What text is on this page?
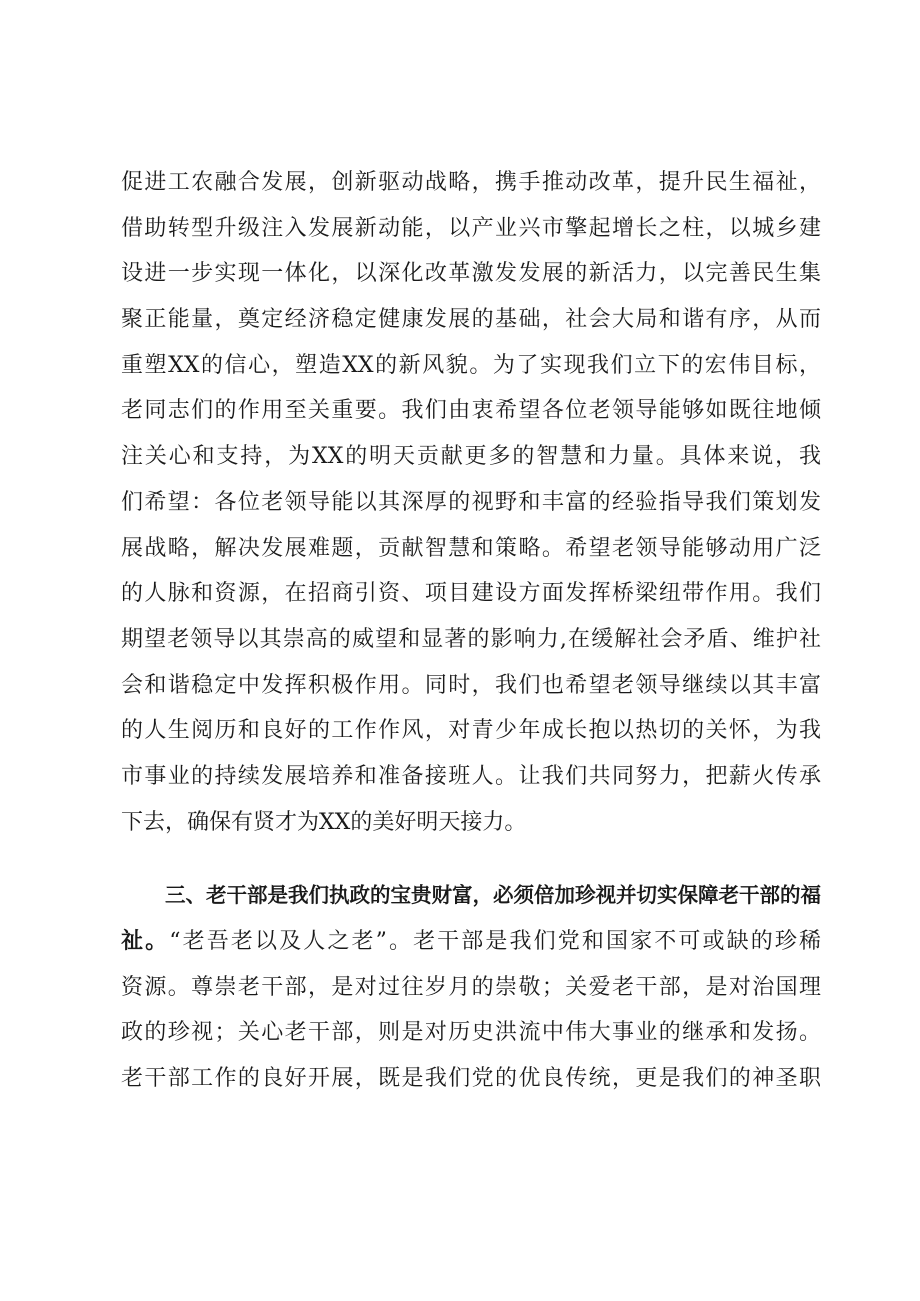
促进工农融合发展，创新驱动战略，携手推动改革，提升民生福祉，
借助转型升级注入发展新动能，以产业兴市擎起增长之柱，以城乡建
设进一步实现一体化，以深化改革激发发展的新活力，以完善民生集
聚正能量，奠定经济稳定健康发展的基础，社会大局和谐有序，从而
重塑XX的信心，塑造XX的新风貌。为了实现我们立下的宏伟目标，
老同志们的作用至关重要。我们由衷希望各位老领导能够如既往地倾
注关心和支持，为XX的明天贡献更多的智慧和力量。具体来说，我
们希望：各位老领导能以其深厚的视野和丰富的经验指导我们策划发
展战略，解决发展难题，贡献智慧和策略。希望老领导能够动用广泛
的人脉和资源，在招商引资、项目建设方面发挥桥梁纽带作用。我们
期望老领导以其崇高的威望和显著的影响力,在缓解社会矛盾、维护社
会和谐稳定中发挥积极作用。同时，我们也希望老领导继续以其丰富
的人生阅历和良好的工作作风，对青少年成长抱以热切的关怀，为我
市事业的持续发展培养和准备接班人。让我们共同努力，把薪火传承
下去，确保有贤才为XX的美好明天接力。
三、老干部是我们执政的宝贵财富，必须倍加珍视并切实保障老干部的福
祉。“老吾老以及人之老”。老干部是我们党和国家不可或缺的珍稀
资源。尊崇老干部，是对过往岁月的崇敬；关爱老干部，是对治国理
政的珍视；关心老干部，则是对历史洪流中伟大事业的继承和发扬。
老干部工作的良好开展，既是我们党的优良传统，更是我们的神圣职
